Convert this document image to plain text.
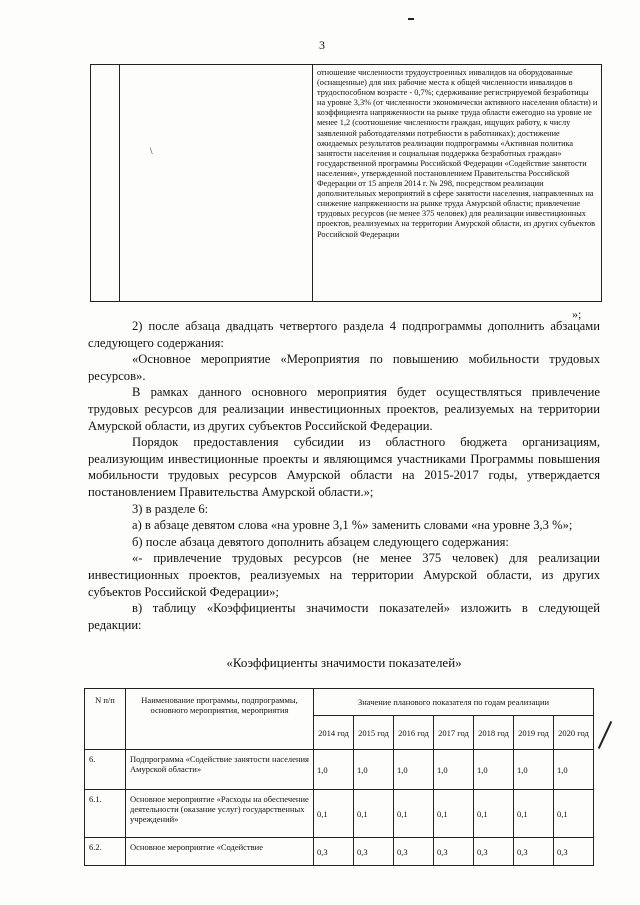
3
		отношение численности трудоустроенных инвалидов на оборудованные (оснащенные) для них рабочие места к общей численности инвалидов в трудоспособном возрасте - 0,7%; сдерживание регистрируемой безработицы на уровне 3,3% (от численности экономически активного населения области) и коэффициента напряженности на рынке труда области ежегодно на уровне не менее 1,2 (соотношение численности граждан, ищущих работу, к числу заявленной работодателями потребности в работниках); достижение ожидаемых результатов реализации подпрограммы «Активная политика занятости населения и социальная поддержка безработных граждан» государственной программы Российской Федерации «Содействие занятости населения», утвержденной постановлением Правительства Российской Федерации от 15 апреля 2014 г. № 298, посредством реализации дополнительных мероприятий в сфере занятости населения, направленных на снижение напряженности на рынке труда Амурской области; привлечение трудовых ресурсов (не менее 375 человек) для реализации инвестиционных проектов, реализуемых на территории Амурской области, из других субъектов Российской Федерации
\
»;

2) после абзаца двадцать четвертого раздела 4 подпрограммы дополнить абзацами следующего содержания:

«Основное мероприятие «Мероприятия по повышению мобильности трудовых ресурсов».

В рамках данного основного мероприятия будет осуществляться привлечение трудовых ресурсов для реализации инвестиционных проектов, реализуемых на территории Амурской области, из других субъектов Российской Федерации.

Порядок предоставления субсидии из областного бюджета организациям, реализующим инвестиционные проекты и являющимся участниками Программы повышения мобильности трудовых ресурсов Амурской области на 2015-2017 годы, утверждается постановлением Правительства Амурской области.»;

3) в разделе 6:

а) в абзаце девятом слова «на уровне 3,1 %» заменить словами «на уровне 3,3 %»;

б) после абзаца девятого дополнить абзацем следующего содержания:

«- привлечение трудовых ресурсов (не менее 375 человек) для реализации инвестиционных проектов, реализуемых на территории Амурской области, из других субъектов Российской Федерации»;

в) таблицу «Коэффициенты значимости показателей» изложить в следующей редакции:

«Коэффициенты значимости показателей»
N п/п	Наименование программы, подпрограммы, основного мероприятия, мероприятия	Значение планового показателя по годам реализации						
		2014 год	2015 год	2016 год	2017 год	2018 год	2019 год	2020 год
6.	Подпрограмма «Содействие занятости населения Амурской области»	1,0	1,0	1,0	1,0	1,0	1,0	1,0
6.1.	Основное мероприятие «Расходы на обеспечение деятельности (оказание услуг) государственных учреждений»	0,1	0,1	0,1	0,1	0,1	0,1	0,1
6.2.	Основное мероприятие «Содействие	0,3	0,3	0,3	0,3	0,3	0,3	0,3
